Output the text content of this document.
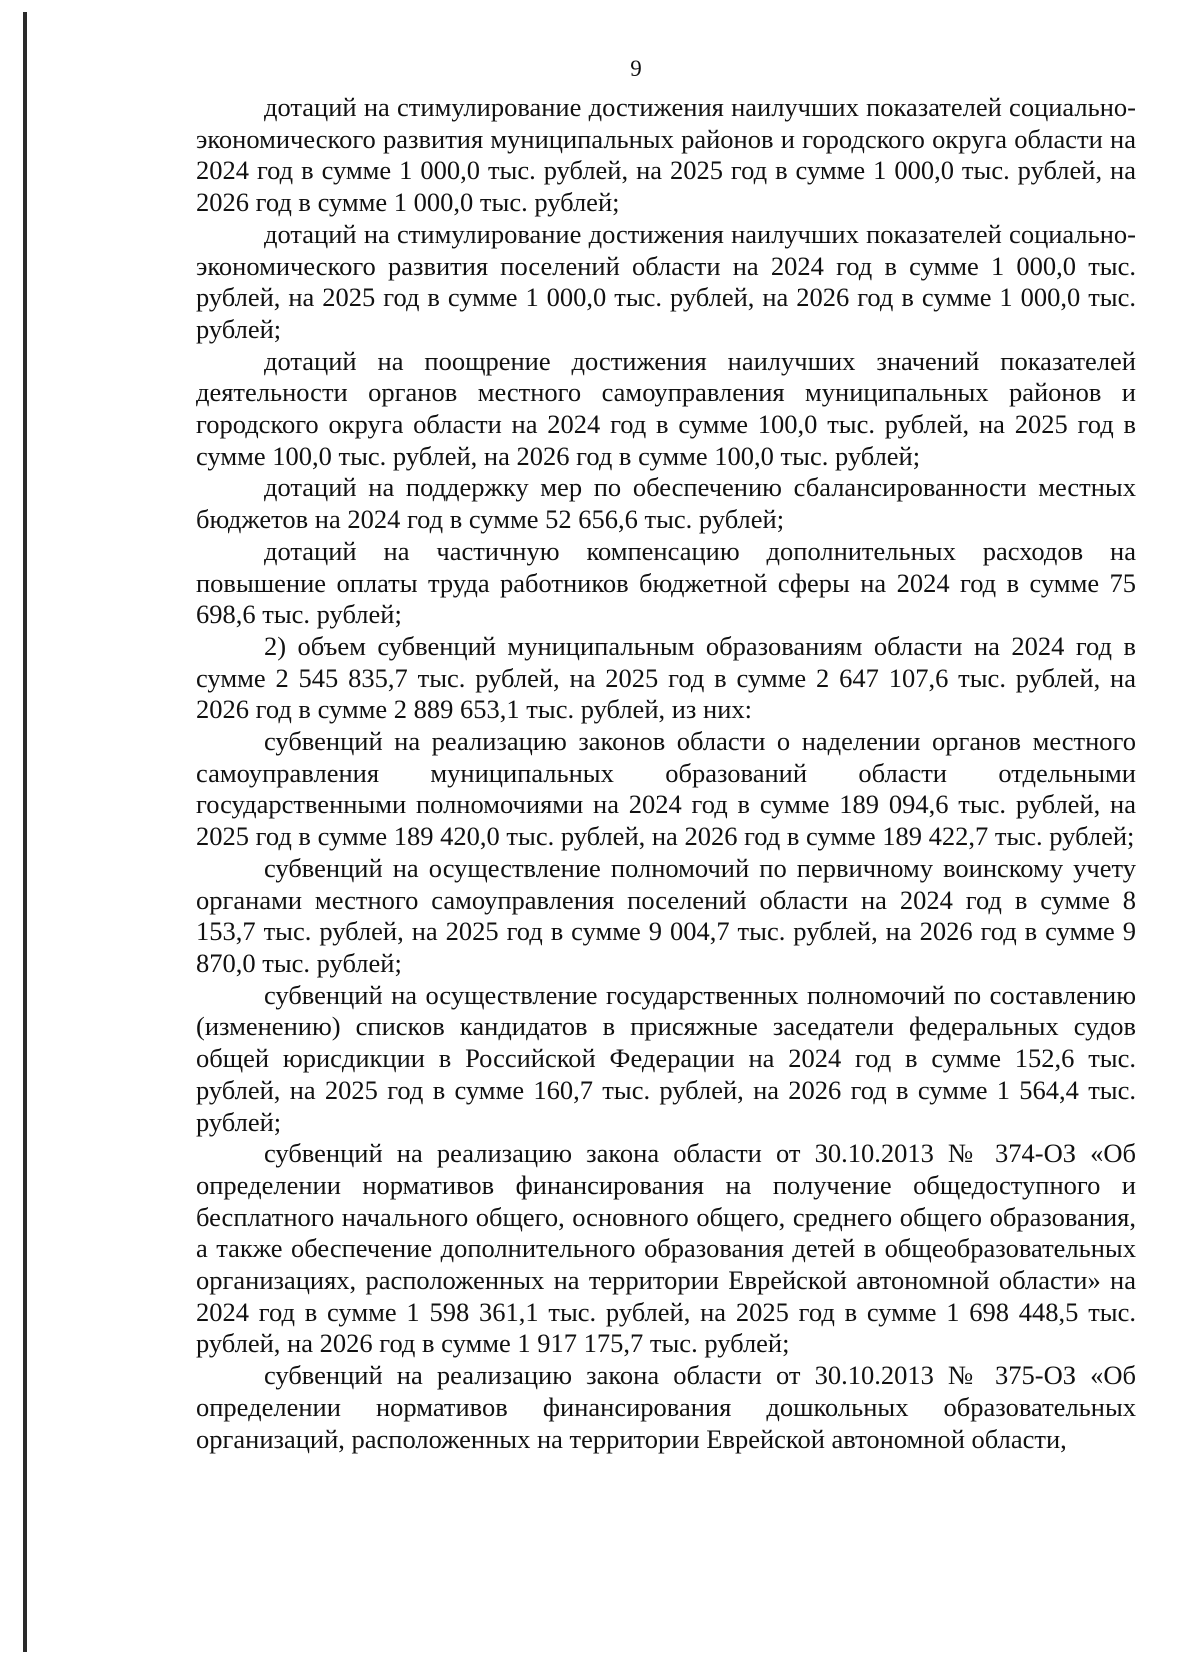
9

дотаций на стимулирование достижения наилучших показателей социально-экономического развития муниципальных районов и городского округа области на 2024 год в сумме 1 000,0 тыс. рублей, на 2025 год в сумме 1 000,0 тыс. рублей, на 2026 год в сумме 1 000,0 тыс. рублей;

дотаций на стимулирование достижения наилучших показателей социально-экономического развития поселений области на 2024 год в сумме 1 000,0 тыс. рублей, на 2025 год в сумме 1 000,0 тыс. рублей, на 2026 год в сумме 1 000,0 тыс. рублей;

дотаций на поощрение достижения наилучших значений показателей деятельности органов местного самоуправления муниципальных районов и городского округа области на 2024 год в сумме 100,0 тыс. рублей, на 2025 год в сумме 100,0 тыс. рублей, на 2026 год в сумме 100,0 тыс. рублей;

дотаций на поддержку мер по обеспечению сбалансированности местных бюджетов на 2024 год в сумме 52 656,6 тыс. рублей;

дотаций на частичную компенсацию дополнительных расходов на повышение оплаты труда работников бюджетной сферы на 2024 год в сумме 75 698,6 тыс. рублей;

2) объем субвенций муниципальным образованиям области на 2024 год в сумме 2 545 835,7 тыс. рублей, на 2025 год в сумме 2 647 107,6 тыс. рублей, на 2026 год в сумме 2 889 653,1 тыс. рублей, из них:

субвенций на реализацию законов области о наделении органов местного самоуправления муниципальных образований области отдельными государственными полномочиями на 2024 год в сумме 189 094,6 тыс. рублей, на 2025 год в сумме 189 420,0 тыс. рублей, на 2026 год в сумме 189 422,7 тыс. рублей;

субвенций на осуществление полномочий по первичному воинскому учету органами местного самоуправления поселений области на 2024 год в сумме 8 153,7 тыс. рублей, на 2025 год в сумме 9 004,7 тыс. рублей, на 2026 год в сумме 9 870,0 тыс. рублей;

субвенций на осуществление государственных полномочий по составлению (изменению) списков кандидатов в присяжные заседатели федеральных судов общей юрисдикции в Российской Федерации на 2024 год в сумме 152,6 тыс. рублей, на 2025 год в сумме 160,7 тыс. рублей, на 2026 год в сумме 1 564,4 тыс. рублей;

субвенций на реализацию закона области от 30.10.2013 № 374-ОЗ «Об определении нормативов финансирования на получение общедоступного и бесплатного начального общего, основного общего, среднего общего образования, а также обеспечение дополнительного образования детей в общеобразовательных организациях, расположенных на территории Еврейской автономной области» на 2024 год в сумме 1 598 361,1 тыс. рублей, на 2025 год в сумме 1 698 448,5 тыс. рублей, на 2026 год в сумме 1 917 175,7 тыс. рублей;

субвенций на реализацию закона области от 30.10.2013 № 375-ОЗ «Об определении нормативов финансирования дошкольных образовательных организаций, расположенных на территории Еврейской автономной области,
